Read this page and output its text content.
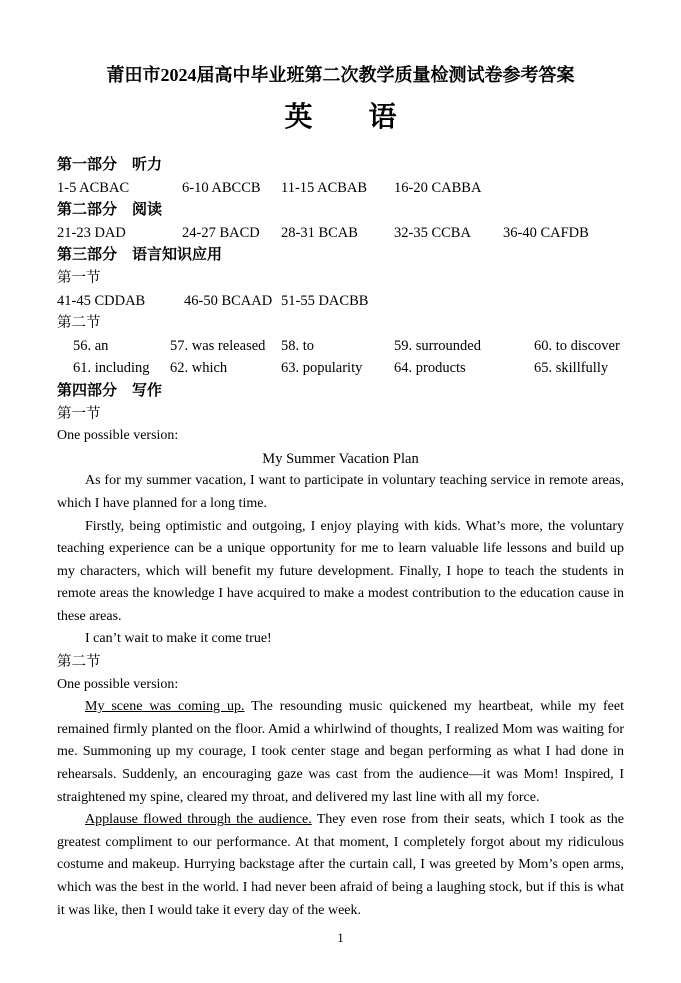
莆田市2024届高中毕业班第二次教学质量检测试卷参考答案
英　　语
第一部分　听力
1-5 ACBAC	6-10 ABCCB	11-15 ACBAB	16-20 CABBA
第二部分　阅读
21-23 DAD	24-27 BACD	28-31 BCAB	32-35 CCBA	36-40 CAFDB
第三部分　语言知识应用
第一节
41-45 CDDAB	46-50 BCAAD 51-55 DACBB
第二节
56. an	57. was released	58. to	59. surrounded	60. to discover
61. including	62. which	63. popularity	64. products	65. skillfully
第四部分　写作
第一节
One possible version:
My Summer Vacation Plan

As for my summer vacation, I want to participate in voluntary teaching service in remote areas, which I have planned for a long time.

Firstly, being optimistic and outgoing, I enjoy playing with kids. What’s more, the voluntary teaching experience can be a unique opportunity for me to learn valuable life lessons and build up my characters, which will benefit my future development. Finally, I hope to teach the students in remote areas the knowledge I have acquired to make a modest contribution to the education cause in these areas.

I can’t wait to make it come true!

第二节
One possible version:

My scene was coming up. The resounding music quickened my heartbeat, while my feet remained firmly planted on the floor. Amid a whirlwind of thoughts, I realized Mom was waiting for me. Summoning up my courage, I took center stage and began performing as what I had done in rehearsals. Suddenly, an encouraging gaze was cast from the audience—it was Mom! Inspired, I straightened my spine, cleared my throat, and delivered my last line with all my force.

Applause flowed through the audience. They even rose from their seats, which I took as the greatest compliment to our performance. At that moment, I completely forgot about my ridiculous costume and makeup. Hurrying backstage after the curtain call, I was greeted by Mom’s open arms, which was the best in the world. I had never been afraid of being a laughing stock, but if this is what it was like, then I would take it every day of the week.

1
